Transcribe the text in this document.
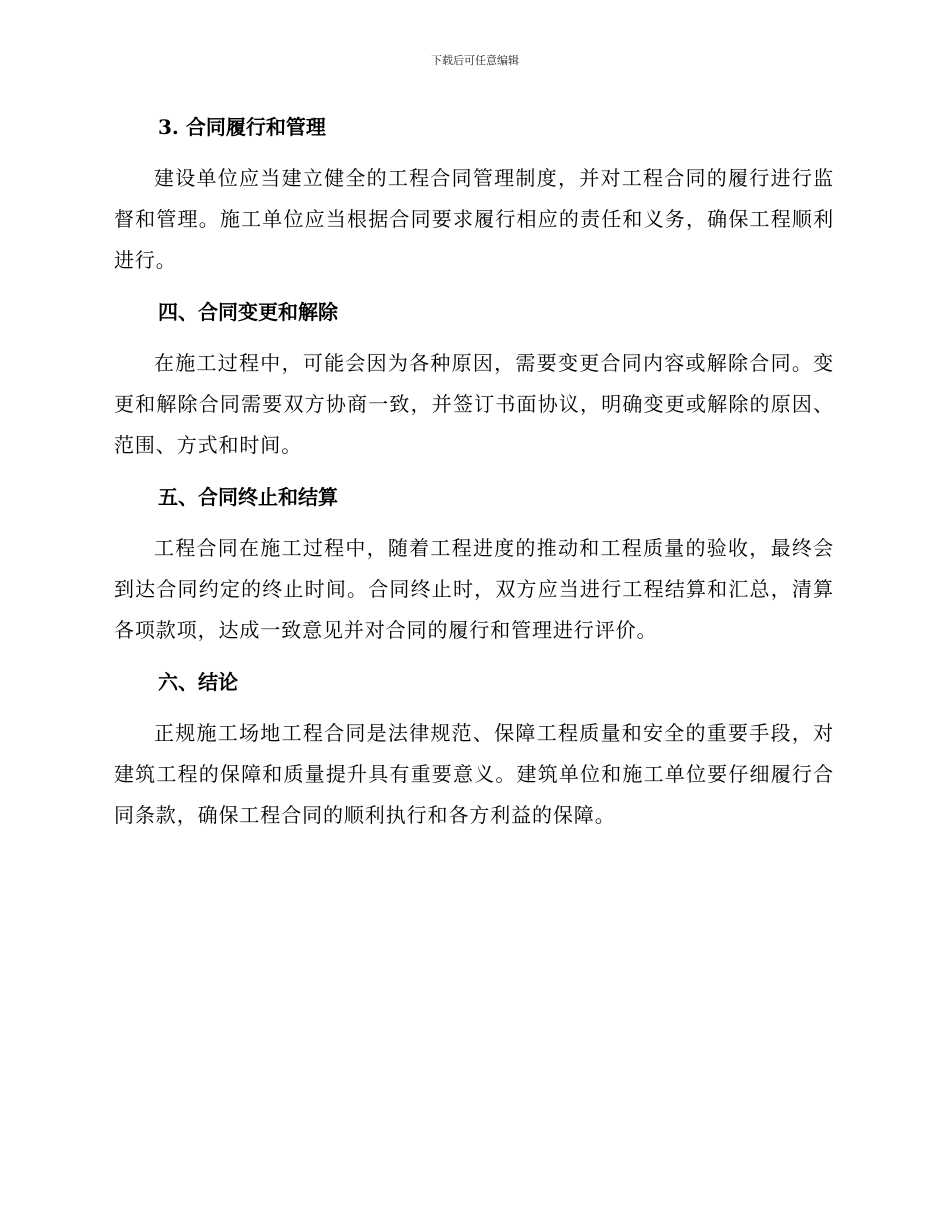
下载后可任意编辑
3. 合同履行和管理

建设单位应当建立健全的工程合同管理制度，并对工程合同的履行进行监督和管理。施工单位应当根据合同要求履行相应的责任和义务，确保工程顺利进行。

四、合同变更和解除

在施工过程中，可能会因为各种原因，需要变更合同内容或解除合同。变更和解除合同需要双方协商一致，并签订书面协议，明确变更或解除的原因、范围、方式和时间。

五、合同终止和结算

工程合同在施工过程中，随着工程进度的推动和工程质量的验收，最终会到达合同约定的终止时间。合同终止时，双方应当进行工程结算和汇总，清算各项款项，达成一致意见并对合同的履行和管理进行评价。

六、结论

正规施工场地工程合同是法律规范、保障工程质量和安全的重要手段，对建筑工程的保障和质量提升具有重要意义。建筑单位和施工单位要仔细履行合同条款，确保工程合同的顺利执行和各方利益的保障。
